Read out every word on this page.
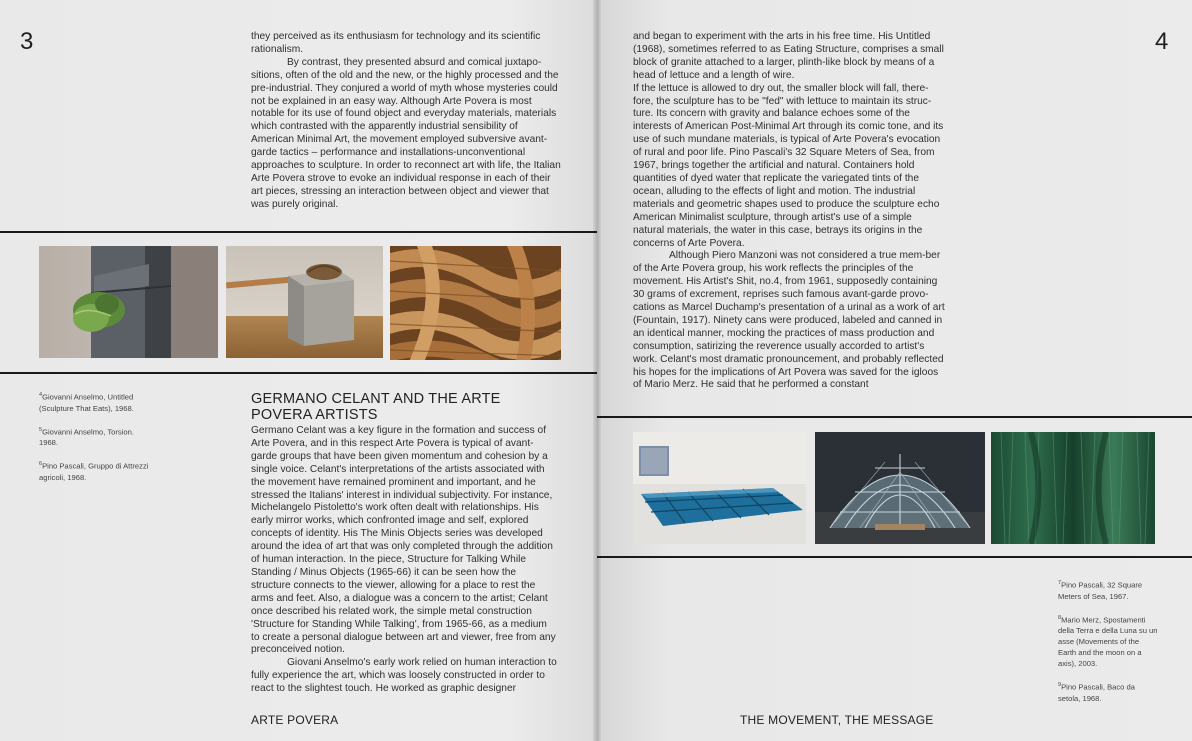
3	they perceived as its enthusiasm for technology and its scientific rationalism.

By contrast, they presented absurd and comical juxtapo-sitions, often of the old and the new, or the highly processed and the pre-industrial. They conjured a world of myth whose mysteries could not be explained in an easy way. Although Arte Povera is most notable for its use of found object and everyday materials, materials which contrasted with the apparently industrial sensibility of American Minimal Art, the movement employed subversive avant-garde tactics – performance and installations-unconventional approaches to sculpture. In order to reconnect art with life, the Italian Arte Povera strove to evoke an individual response in each of their art pieces, stressing an interaction between object and viewer that was purely original.

$^4$Giovanni Anselmo, Untitled (Sculpture That Eats), 1968.

$^5$Giovanni Anselmo, Torsion. 1968.

$^6$Pino Pascali, Gruppo di Attrezzi agricoli, 1968.

GERMANO CELANT AND THE ARTE POVERA ARTISTS

Germano Celant was a key figure in the formation and success of Arte Povera, and in this respect Arte Povera is typical of avant-garde groups that have been given momentum and cohesion by a single voice. Celant's interpretations of the artists associated with the movement have remained prominent and important, and he stressed the Italians' interest in individual subjectivity. For instance, Michelangelo Pistoletto's work often dealt with relationships. His early mirror works, which confronted image and self, explored concepts of identity. His The Minis Objects series was developed around the idea of art that was only completed through the addition of human interaction. In the piece, Structure for Talking While Standing / Minus Objects (1965-66) it can be seen how the structure connects to the viewer, allowing for a place to rest the arms and feet. Also, a dialogue was a concern to the artist; Celant once described his related work, the simple metal construction 'Structure for Standing While Talking', from 1965-66, as a medium to create a personal dialogue between art and viewer, free from any preconceived notion.

Giovani Anselmo's early work relied on human interaction to fully experience the art, which was loosely constructed in order to react to the slightest touch. He worked as graphic designer

ARTE POVERA
4

and began to experiment with the arts in his free time. His Untitled (1968), sometimes referred to as Eating Structure, comprises a small block of granite attached to a larger, plinth-like block by means of a head of lettuce and a length of wire.

If the lettuce is allowed to dry out, the smaller block will fall, there-fore, the sculpture has to be "fed" with lettuce to maintain its struc-ture. Its concern with gravity and balance echoes some of the interests of American Post-Minimal Art through its comic tone, and its use of such mundane materials, is typical of Arte Povera's evocation of rural and poor life. Pino Pascali's 32 Square Meters of Sea, from 1967, brings together the artificial and natural. Containers hold quantities of dyed water that replicate the variegated tints of the ocean, alluding to the effects of light and motion. The industrial materials and geometric shapes used to produce the sculpture echo American Minimalist sculpture, through artist's use of a simple natural materials, the water in this case, betrays its origins in the concerns of Arte Povera.

Although Piero Manzoni was not considered a true mem-ber of the Arte Povera group, his work reflects the principles of the movement. His Artist's Shit, no.4, from 1961, supposedly containing 30 grams of excrement, reprises such famous avant-garde provo-cations as Marcel Duchamp's presentation of a urinal as a work of art (Fountain, 1917). Ninety cans were produced, labeled and canned in an identical manner, mocking the practices of mass production and consumption, satirizing the reverence usually accorded to artist's work. Celant's most dramatic pronouncement, and probably reflected his hopes for the implications of Art Povera was saved for the igloos of Mario Merz. He said that he performed a constant

$^7$Pino Pascali, 32 Square Meters of Sea, 1967.

$^8$Mario Merz, Spostamenti della Terra e della Luna su un asse (Movements of the Earth and the moon on a axis), 2003.

$^9$Pino Pascali, Baco da setola, 1968.

THE MOVEMENT, THE MESSAGE
